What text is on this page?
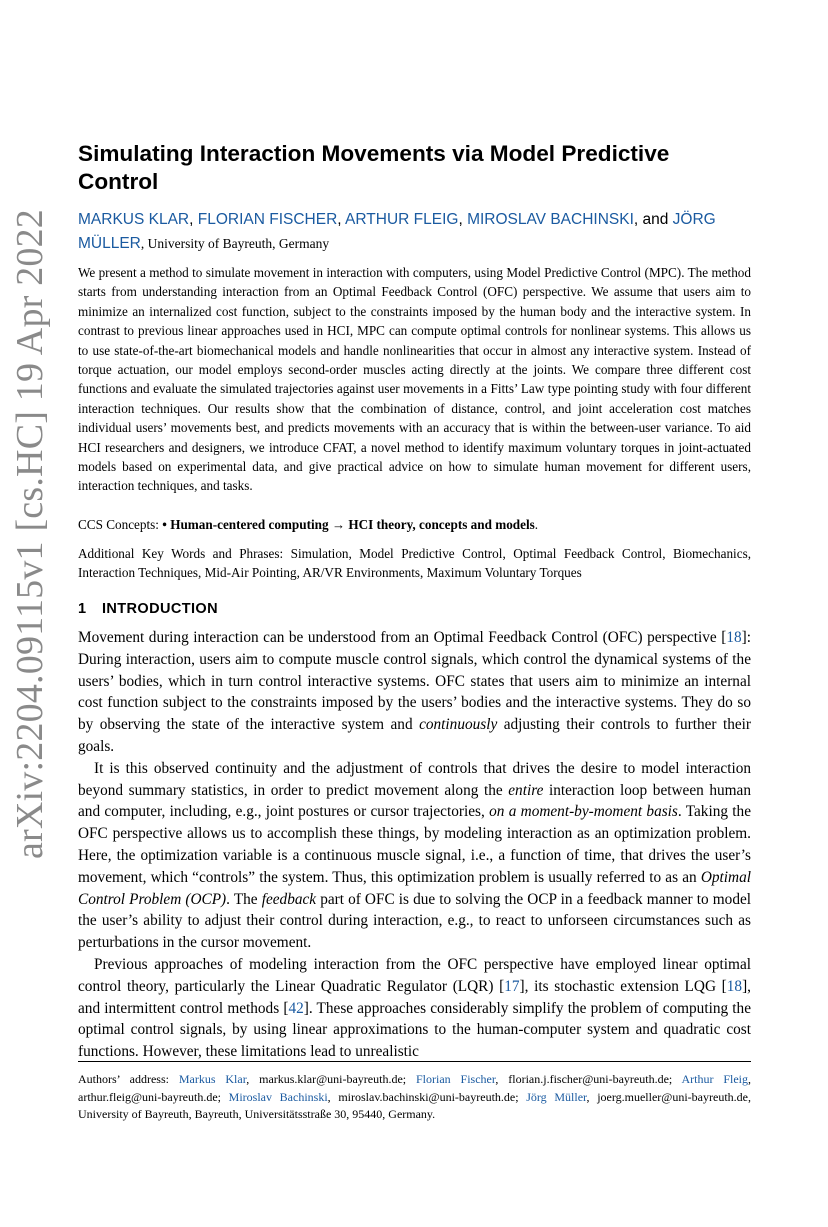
arXiv:2204.09115v1 [cs.HC] 19 Apr 2022
Simulating Interaction Movements via Model Predictive Control
MARKUS KLAR, FLORIAN FISCHER, ARTHUR FLEIG, MIROSLAV BACHINSKI, and JÖRG MÜLLER, University of Bayreuth, Germany

We present a method to simulate movement in interaction with computers, using Model Predictive Control (MPC). The method starts from understanding interaction from an Optimal Feedback Control (OFC) perspective. We assume that users aim to minimize an internalized cost function, subject to the constraints imposed by the human body and the interactive system. In contrast to previous linear approaches used in HCI, MPC can compute optimal controls for nonlinear systems. This allows us to use state-of-the-art biomechanical models and handle nonlinearities that occur in almost any interactive system. Instead of torque actuation, our model employs second-order muscles acting directly at the joints. We compare three different cost functions and evaluate the simulated trajectories against user movements in a Fitts’ Law type pointing study with four different interaction techniques. Our results show that the combination of distance, control, and joint acceleration cost matches individual users’ movements best, and predicts movements with an accuracy that is within the between-user variance. To aid HCI researchers and designers, we introduce CFAT, a novel method to identify maximum voluntary torques in joint-actuated models based on experimental data, and give practical advice on how to simulate human movement for different users, interaction techniques, and tasks.

CCS Concepts: • Human-centered computing → HCI theory, concepts and models.

Additional Key Words and Phrases: Simulation, Model Predictive Control, Optimal Feedback Control, Biomechanics, Interaction Techniques, Mid-Air Pointing, AR/VR Environments, Maximum Voluntary Torques

1 INTRODUCTION

Movement during interaction can be understood from an Optimal Feedback Control (OFC) perspective [18]: During interaction, users aim to compute muscle control signals, which control the dynamical systems of the users’ bodies, which in turn control interactive systems. OFC states that users aim to minimize an internal cost function subject to the constraints imposed by the users’ bodies and the interactive systems. They do so by observing the state of the interactive system and continuously adjusting their controls to further their goals.

It is this observed continuity and the adjustment of controls that drives the desire to model interaction beyond summary statistics, in order to predict movement along the entire interaction loop between human and computer, including, e.g., joint postures or cursor trajectories, on a moment-by-moment basis. Taking the OFC perspective allows us to accomplish these things, by modeling interaction as an optimization problem. Here, the optimization variable is a continuous muscle signal, i.e., a function of time, that drives the user’s movement, which “controls” the system. Thus, this optimization problem is usually referred to as an Optimal Control Problem (OCP). The feedback part of OFC is due to solving the OCP in a feedback manner to model the user’s ability to adjust their control during interaction, e.g., to react to unforseen circumstances such as perturbations in the cursor movement.

Previous approaches of modeling interaction from the OFC perspective have employed linear optimal control theory, particularly the Linear Quadratic Regulator (LQR) [17], its stochastic extension LQG [18], and intermittent control methods [42]. These approaches considerably simplify the problem of computing the optimal control signals, by using linear approximations to the human-computer system and quadratic cost functions. However, these limitations lead to unrealistic

Authors’ address: Markus Klar, markus.klar@uni-bayreuth.de; Florian Fischer, florian.j.fischer@uni-bayreuth.de; Arthur Fleig, arthur.fleig@uni-bayreuth.de; Miroslav Bachinski, miroslav.bachinski@uni-bayreuth.de; Jörg Müller, joerg.mueller@uni-bayreuth.de, University of Bayreuth, Bayreuth, Universitätsstraße 30, 95440, Germany.
